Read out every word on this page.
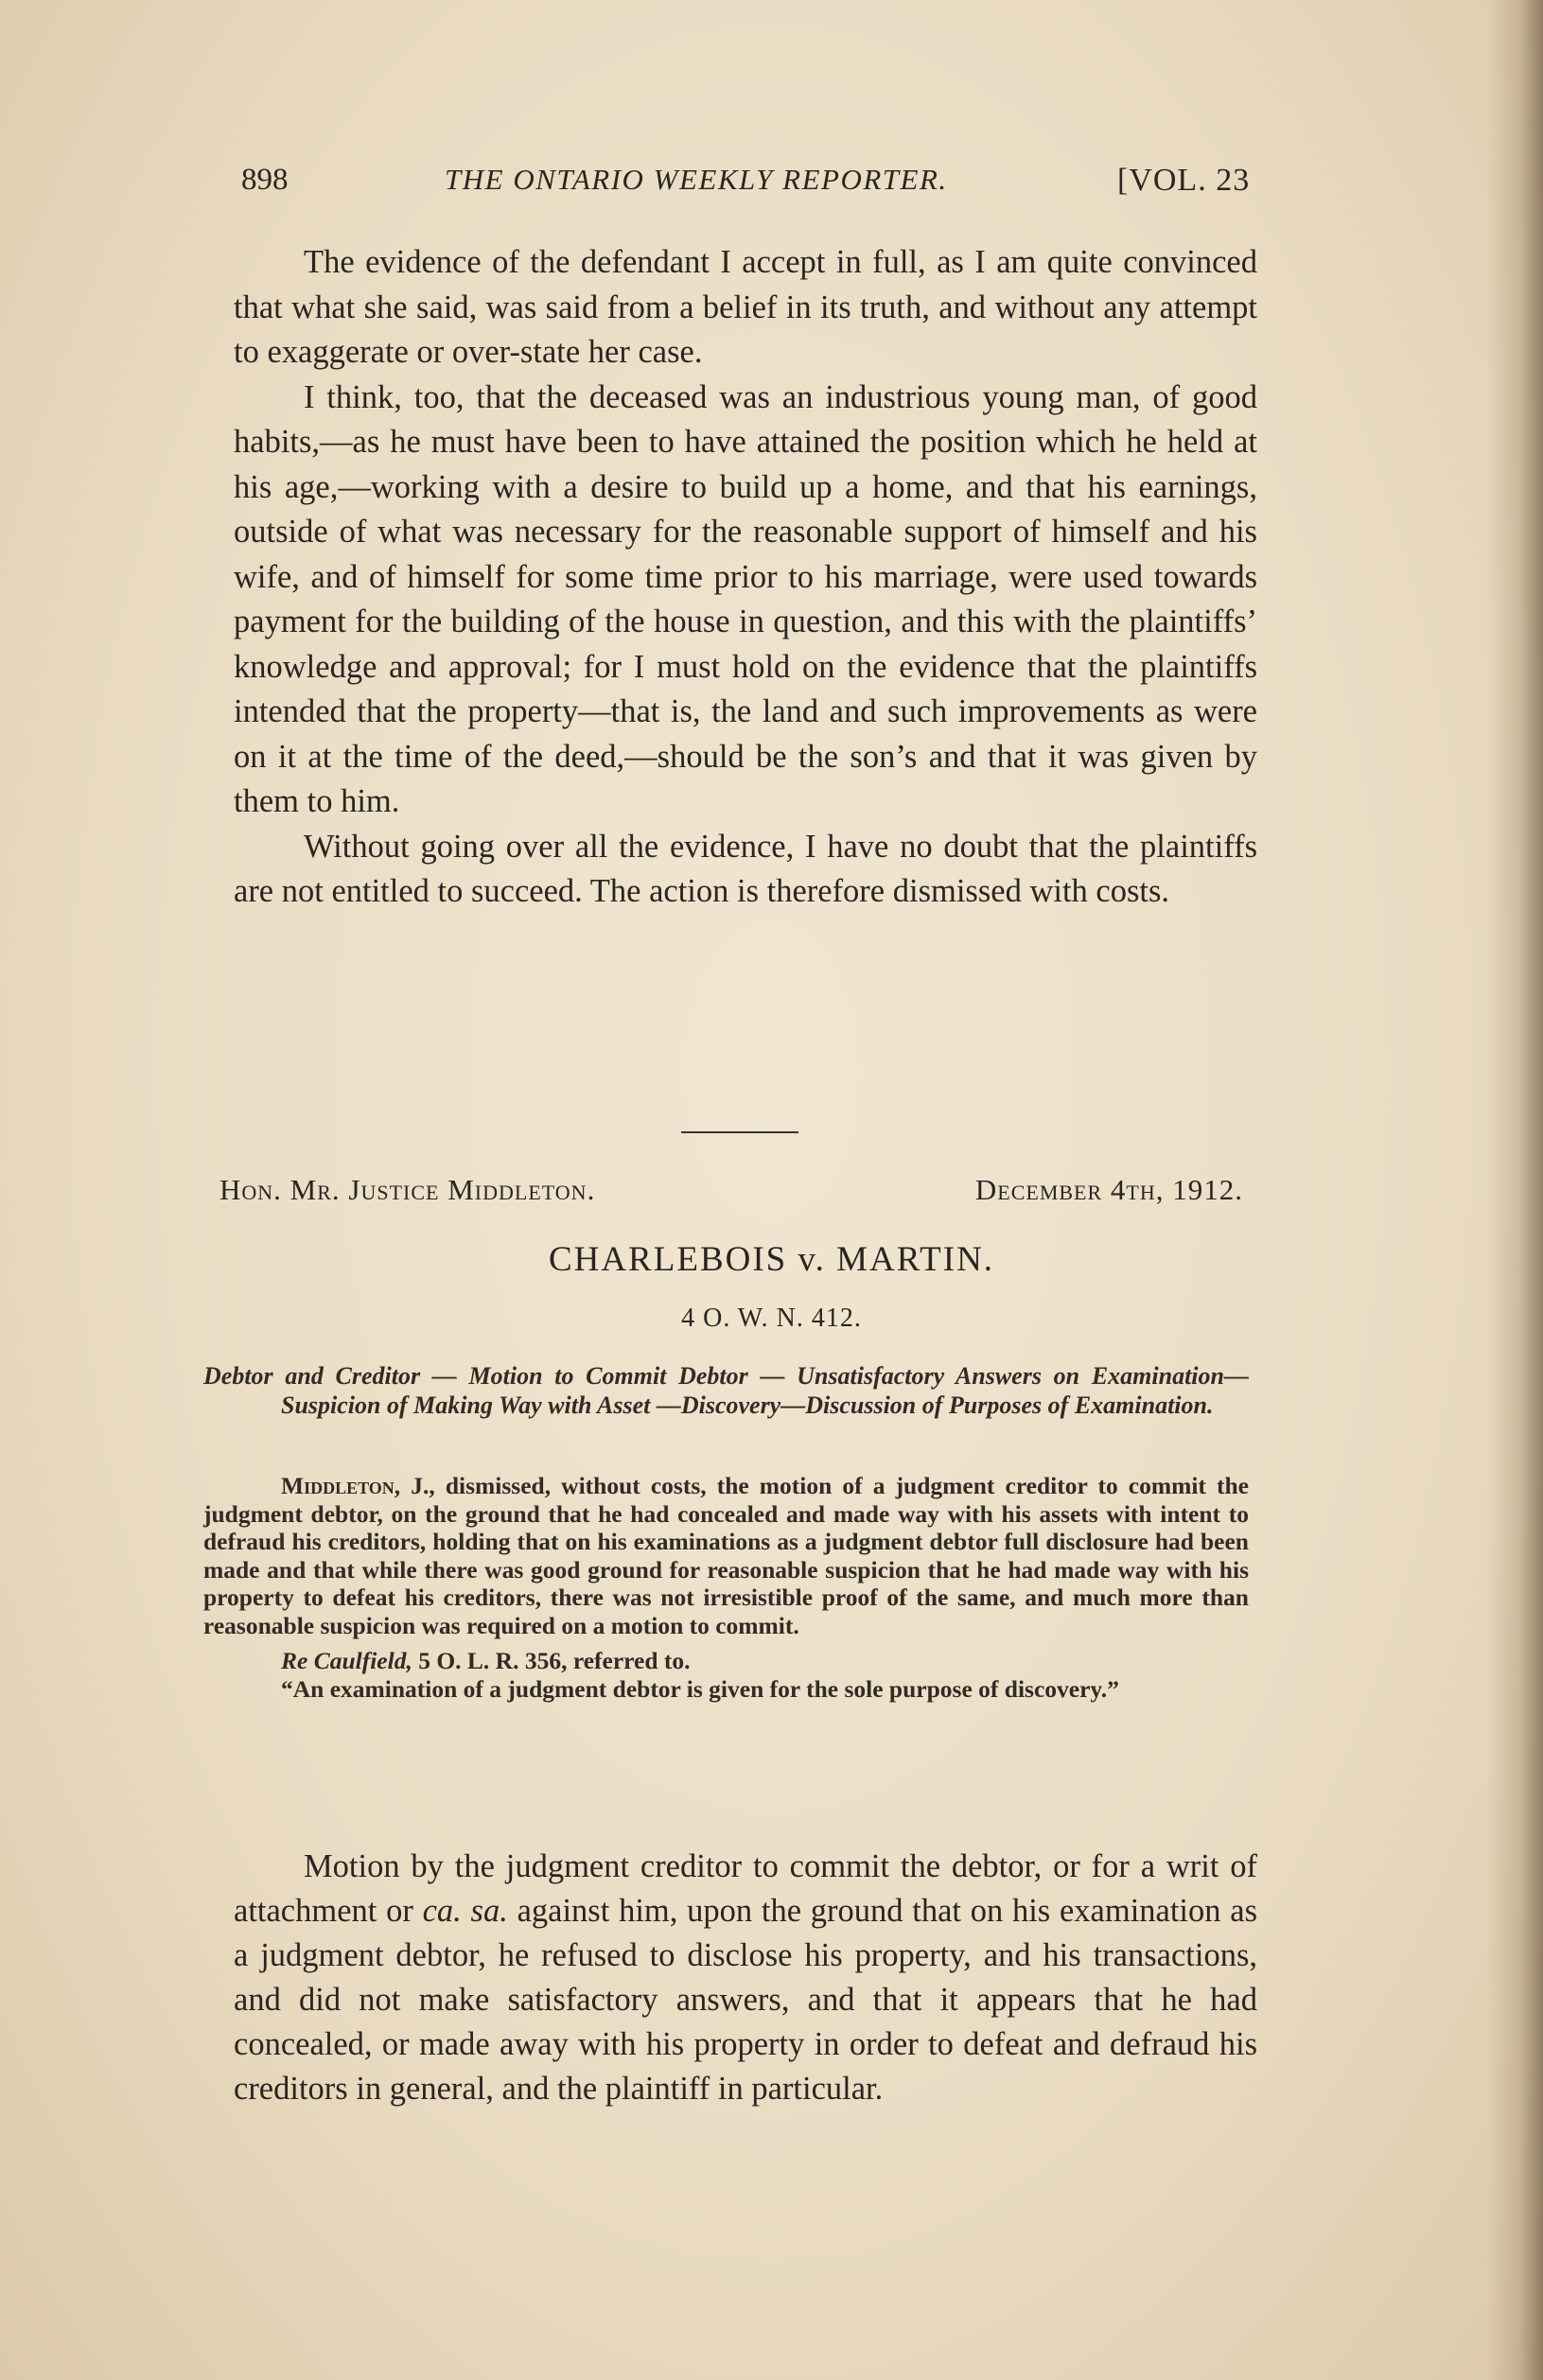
898	THE ONTARIO WEEKLY REPORTER.	[VOL. 23

The evidence of the defendant I accept in full, as I am quite convinced that what she said, was said from a belief in its truth, and without any attempt to exaggerate or over-state her case.

I think, too, that the deceased was an industrious young man, of good habits,—as he must have been to have attained the position which he held at his age,—working with a desire to build up a home, and that his earnings, outside of what was necessary for the reasonable support of himself and his wife, and of himself for some time prior to his marriage, were used towards payment for the building of the house in question, and this with the plaintiffs’ knowledge and approval; for I must hold on the evidence that the plaintiffs intended that the property—that is, the land and such improvements as were on it at the time of the deed,—should be the son’s and that it was given by them to him.

Without going over all the evidence, I have no doubt that the plaintiffs are not entitled to succeed. The action is therefore dismissed with costs.

Hon. Mr. Justice Middleton.	December 4th, 1912.
CHARLEBOIS v. MARTIN.
4 O. W. N. 412.

Debtor and Creditor — Motion to Commit Debtor — Unsatisfactory Answers on Examination—Suspicion of Making Way with Asset —Discovery—Discussion of Purposes of Examination.

Middleton, J., dismissed, without costs, the motion of a judgment creditor to commit the judgment debtor, on the ground that he had concealed and made way with his assets with intent to defraud his creditors, holding that on his examinations as a judgment debtor full disclosure had been made and that while there was good ground for reasonable suspicion that he had made way with his property to defeat his creditors, there was not irresistible proof of the same, and much more than reasonable suspicion was required on a motion to commit.

Re Caulfield, 5 O. L. R. 356, referred to.

“An examination of a judgment debtor is given for the sole purpose of discovery.”

Motion by the judgment creditor to commit the debtor, or for a writ of attachment or ca. sa. against him, upon the ground that on his examination as a judgment debtor, he refused to disclose his property, and his transactions, and did not make satisfactory answers, and that it appears that he had concealed, or made away with his property in order to defeat and defraud his creditors in general, and the plaintiff in particular.
